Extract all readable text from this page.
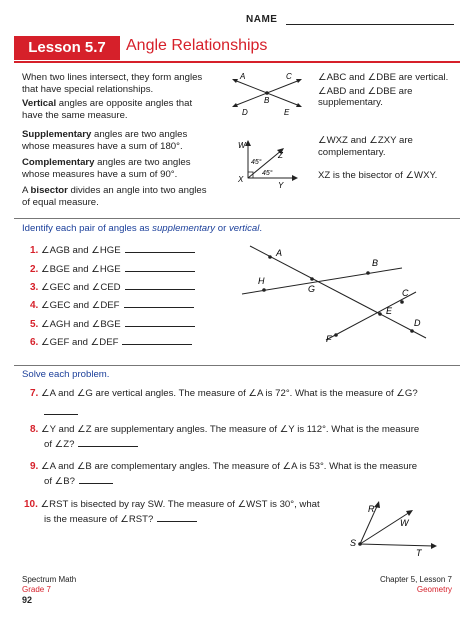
NAME
Lesson 5.7	Angle Relationships
When two lines intersect, they form angles that have special relationships.
Vertical angles are opposite angles that have the same measure.
Supplementary angles are two angles whose measures have a sum of 180°.
Complementary angles are two angles whose measures have a sum of 90°.
A bisector divides an angle into two angles of equal measure.
A
B
C
D	E
∠ABC and ∠DBE are vertical.
∠ABD and ∠DBE are
supplementary.
W
X
Y
Z
45°
45°
∠WXZ and ∠ZXY are
complementary.
XZ is the bisector of ∠WXY.
Identify each pair of angles as supplementary or vertical.
1. ∠AGB and ∠HGE
2. ∠BGE and ∠HGE
3. ∠GEC and ∠CED
4. ∠GEC and ∠DEF
5. ∠AGH and ∠BGE
6. ∠GEF and ∠DEF
A
B
C
D
E
F
G
H
Solve each problem.
7. ∠A and ∠G are vertical angles. The measure of ∠A is 72°. What is the measure of ∠G?
8. ∠Y and ∠Z are supplementary angles. The measure of ∠Y is 112°. What is the measure
of ∠Z?
9. ∠A and ∠B are complementary angles. The measure of ∠A is 53°. What is the measure
of ∠B?
10. ∠RST is bisected by ray SW. The measure of ∠WST is 30°, what
is the measure of ∠RST?
R
W
S
T
Spectrum Math
Grade 7
92
Chapter 5, Lesson 7
Geometry
